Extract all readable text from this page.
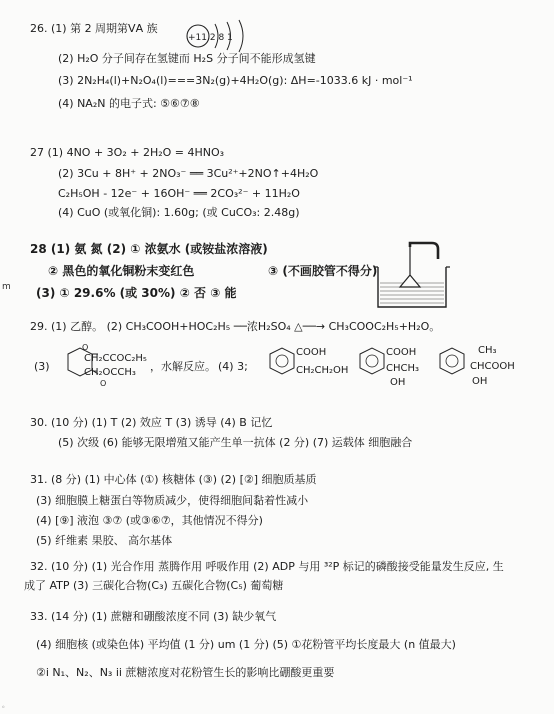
26. (1) 第 2 周期第ⅤA 族
+11 2 8 1
(2) H₂O 分子间存在氢键而 H₂S 分子间不能形成氢键
(3) 2N₂H₄(l)+N₂O₄(l)===3N₂(g)+4H₂O(g): ΔH=-1033.6 kJ · mol⁻¹
(4) NA₂N 的电子式: ⑤⑥⑦⑧
27 (1) 4NO + 3O₂ + 2H₂O = 4HNO₃
(2) 3Cu + 8H⁺ + 2NO₃⁻ ══ 3Cu²⁺+2NO↑+4H₂O
C₂H₅OH - 12e⁻ + 16OH⁻ ══ 2CO₃²⁻ + 11H₂O
(4) CuO (或氧化铜): 1.60g; (或 CuCO₃: 2.48g)
28 (1) 氨 氮 (2) ① 浓氨水 (或铵盐浓溶液)
② 黑色的氧化铜粉末变红色	③ (不画胶管不得分)
(3) ① 29.6% (或 30%) ② 否 ③ 能
29. (1) 乙醇。 (2) CH₃COOH+HOC₂H₅ ──浓H₂SO₄ △──→ CH₃COOC₂H₅+H₂O。
(3)
O
CH₂CCOC₂H₅
CH₂OCCH₃
O
，水解反应。 (4) 3;
COOH
CH₂CH₂OH
COOH
CHCH₃
OH
CH₃
CHCOOH
OH
30. (10 分) (1) T (2) 效应 T (3) 诱导 (4) B 记忆
(5) 次级 (6) 能够无限增殖又能产生单一抗体 (2 分) (7) 运载体 细胞融合
31. (8 分) (1) 中心体 (①) 核糖体 (③) (2) [②] 细胞质基质
(3) 细胞膜上糖蛋白等物质减少，使得细胞间黏着性减小
(4) [⑨] 液泡 ③⑦ (或③⑥⑦，其他情况不得分)
(5) 纤维素 果胶、 高尔基体
32. (10 分) (1) 光合作用 蒸腾作用 呼吸作用 (2) ADP 与用 ³²P 标记的磷酸接受能量发生反应, 生
成了 ATP (3) 三碳化合物(C₃) 五碳化合物(C₅) 葡萄糖
33. (14 分) (1) 蔗糖和硼酸浓度不同 (3) 缺少氧气
(4) 细胞核 (或染色体) 平均值 (1 分) um (1 分) (5) ①花粉管平均长度最大 (n 值最大)
②i N₁、N₂、N₃ ii 蔗糖浓度对花粉管生长的影响比硼酸更重要
m
。
